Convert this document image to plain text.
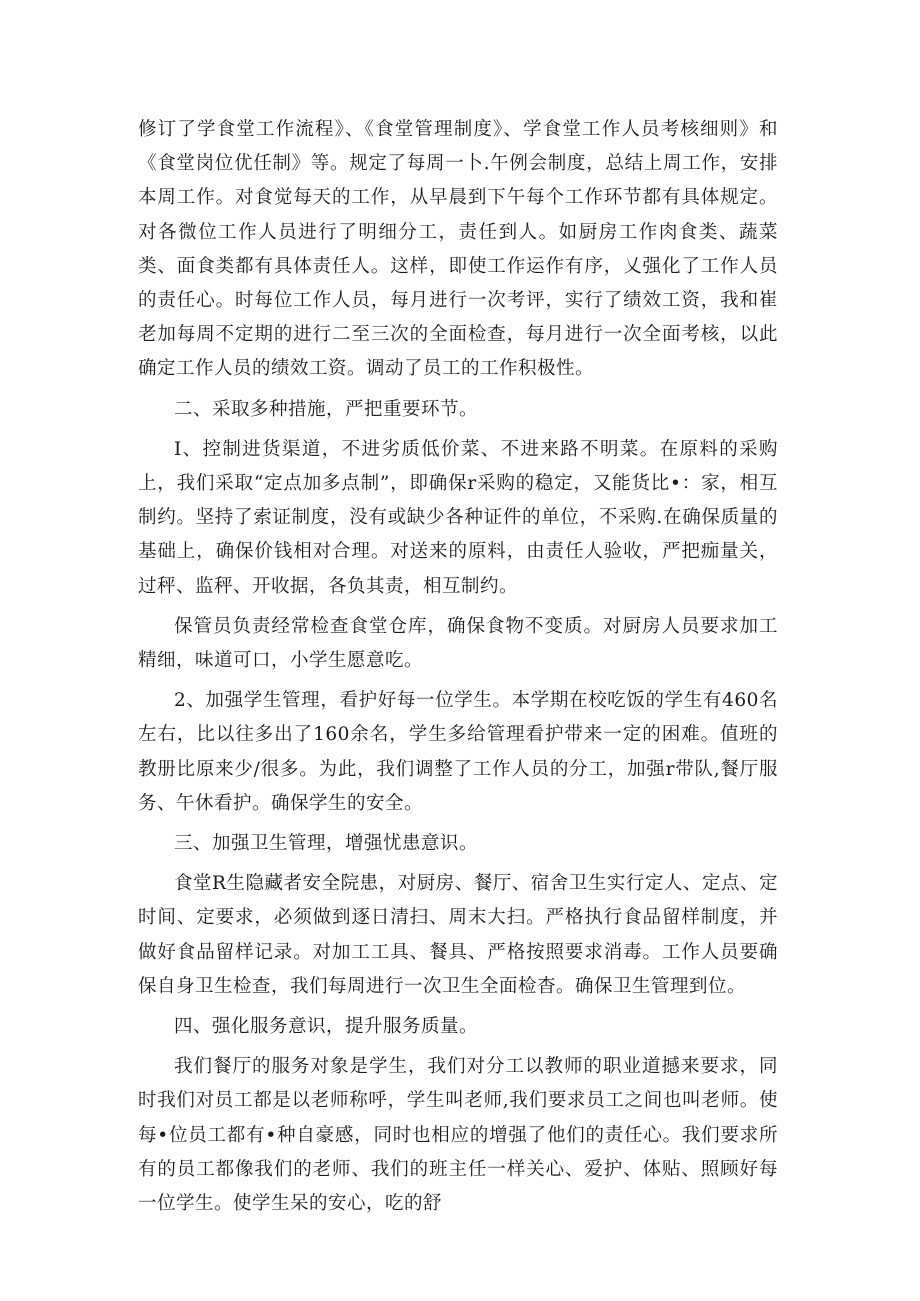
修订了学食堂工作流程》、《食堂管理制度》、学食堂工作人员考核细则》和《食堂岗位优任制》等。规定了每周一卜.午例会制度，总结上周工作，安排本周工作。对食觉每天的工作，从早晨到下午每个工作环节都有具体规定。对各微位工作人员进行了明细分工，责任到人。如厨房工作肉食类、蔬菜类、面食类都有具体责任人。这样，即使工作运作有序，乂强化了工作人员的责任心。时每位工作人员，每月进行一次考评，实行了绩效工资，我和崔老加每周不定期的进行二至三次的全面检查，每月进行一次全面考核，以此确定工作人员的绩效工资。调动了员工的工作积极性。

二、采取多种措施，严把重要环节。

I、控制进货渠道，不进劣质低价菜、不进来路不明菜。在原料的采购上，我们采取“定点加多点制”，即确保r采购的稳定，又能货比•：家，相互制约。坚持了索证制度，没有或缺少各种证件的单位，不采购.在确保质量的基础上，确保价钱相对合理。对送来的原料，由责任人验收，严把痂量关，过秤、监秤、开收据，各负其责，相互制约。

保管员负责经常检查食堂仓库，确保食物不变质。对厨房人员要求加工精细，味道可口，小学生愿意吃。

2、加强学生管理，看护好每一位学生。本学期在校吃饭的学生有460名左右，比以往多出了160余名，学生多给管理看护带来一定的困难。值班的教册比原来少/很多。为此，我们调整了工作人员的分工，加强r带队,餐厅服务、午休看护。确保学生的安全。

三、加强卫生管理，增强忧患意识。

食堂R生隐藏者安全院患，对厨房、餐厅、宿舍卫生实行定人、定点、定时间、定要求，必须做到逐日清扫、周末大扫。严格执行食品留样制度，并做好食品留样记录。对加工工具、餐具、严格按照要求消毒。工作人员要确保自身卫生检查，我们每周进行一次卫生全面检杳。确保卫生管理到位。

四、强化服务意识，提升服务质量。

我们餐厅的服务对象是学生，我们对分工以教师的职业道撼来要求，同时我们对员工都是以老师称呼，学生叫老师,我们要求员工之间也叫老师。使每•位员工都有•种自豪感，同时也相应的增强了他们的责任心。我们要求所有的员工都像我们的老师、我们的班主任一样关心、爱护、体贴、照顾好每一位学生。使学生呆的安心，吃的舒
